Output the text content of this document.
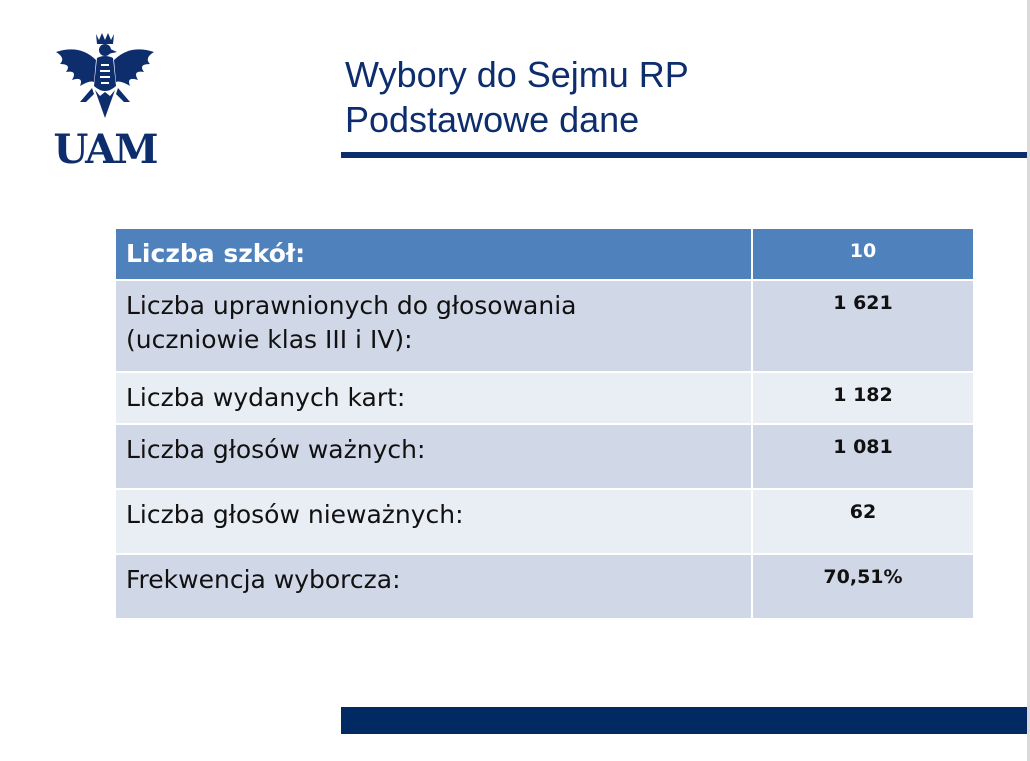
UAM
Wybory do Sejmu RP
Podstawowe dane
Liczba szkół:	10

Liczba uprawnionych do głosowania
(uczniowie klas III i IV):	1 621
Liczba wydanych kart:	1 182
Liczba głosów ważnych:	1 081
Liczba głosów nieważnych:	62
Frekwencja wyborcza:	70,51%
